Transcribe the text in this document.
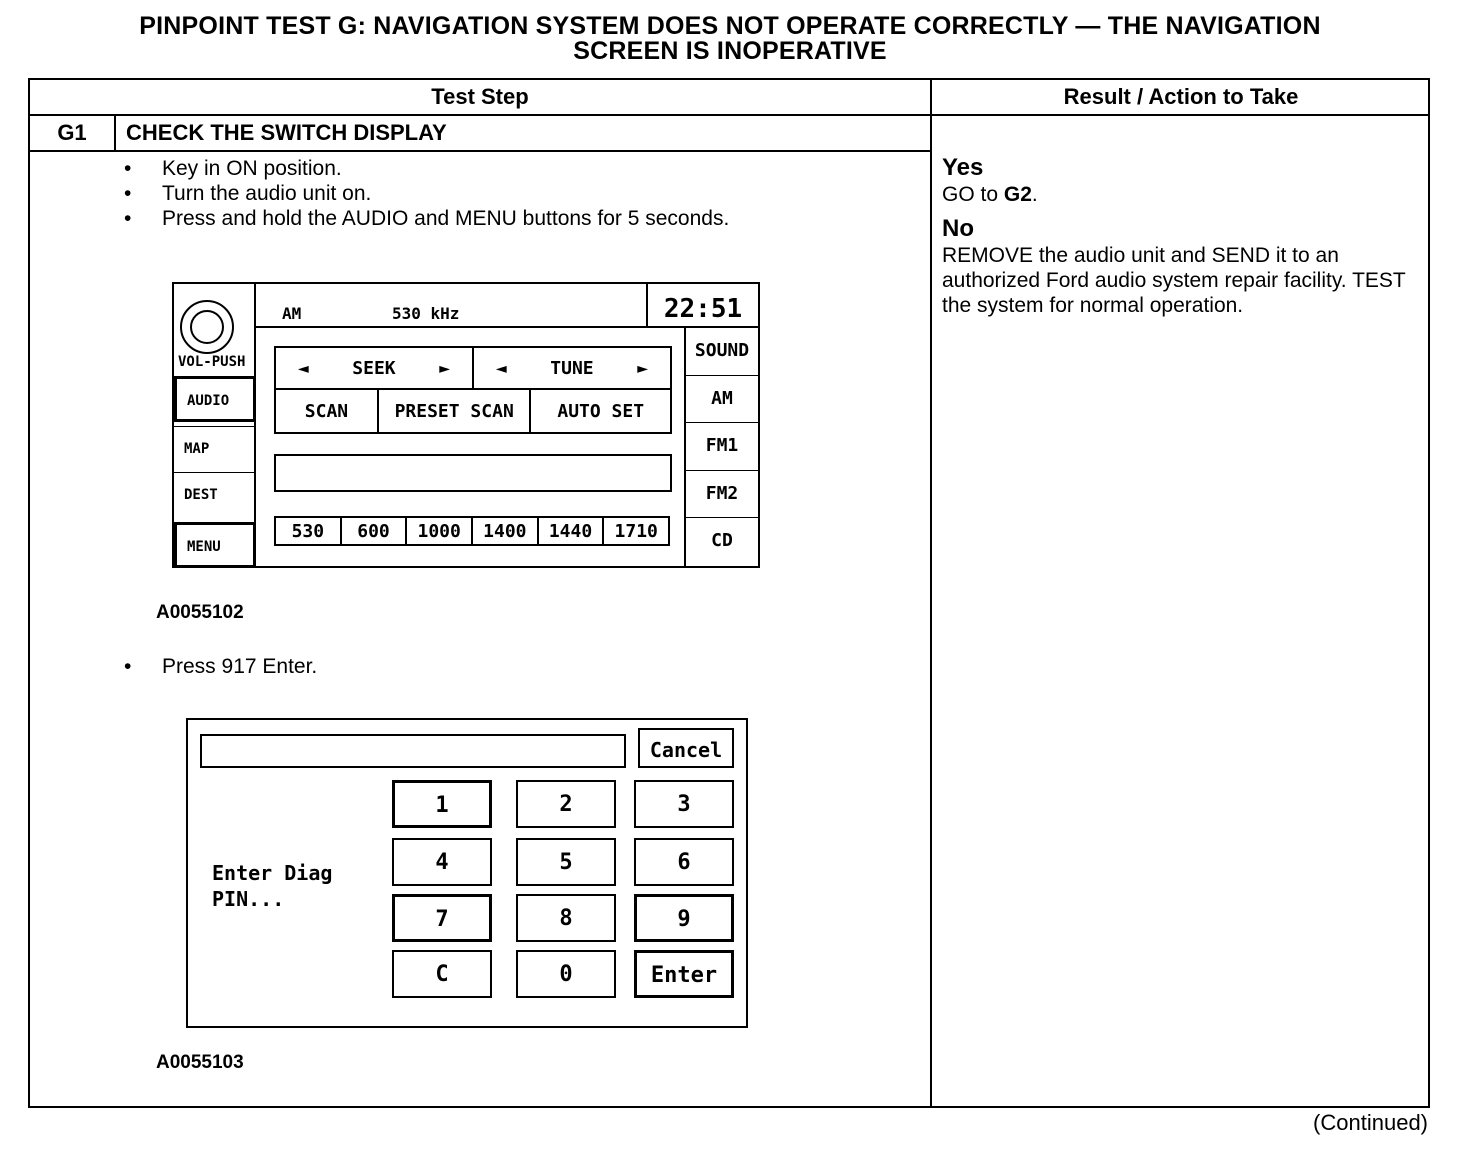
PINPOINT TEST G: NAVIGATION SYSTEM DOES NOT OPERATE CORRECTLY — THE NAVIGATION
SCREEN IS INOPERATIVE
Test Step	Result / Action to Take
G1	CHECK THE SWITCH DISPLAY
• Key in ON position.
• Turn the audio unit on.
• Press and hold the AUDIO and MENU buttons for 5 seconds.
A0055102
• Press 917 Enter.
A0055103

Yes

GO to G2.

No

REMOVE the audio unit and SEND it to an authorized Ford audio system repair facility. TEST the system for normal operation.

VOL-PUSH
AUDIO
MAP
DEST
MENU
AM	530 kHz	22:51
◄ SEEK ►	◄ TUNE ►
SCAN	PRESET SCAN	AUTO SET
530	600	1000	1400	1440	1710
SOUND
AM
FM1
FM2
CD
Cancel
Enter Diag
PIN...
1	2	3
4	5	6
7	8	9
C	0	Enter
(Continued)
